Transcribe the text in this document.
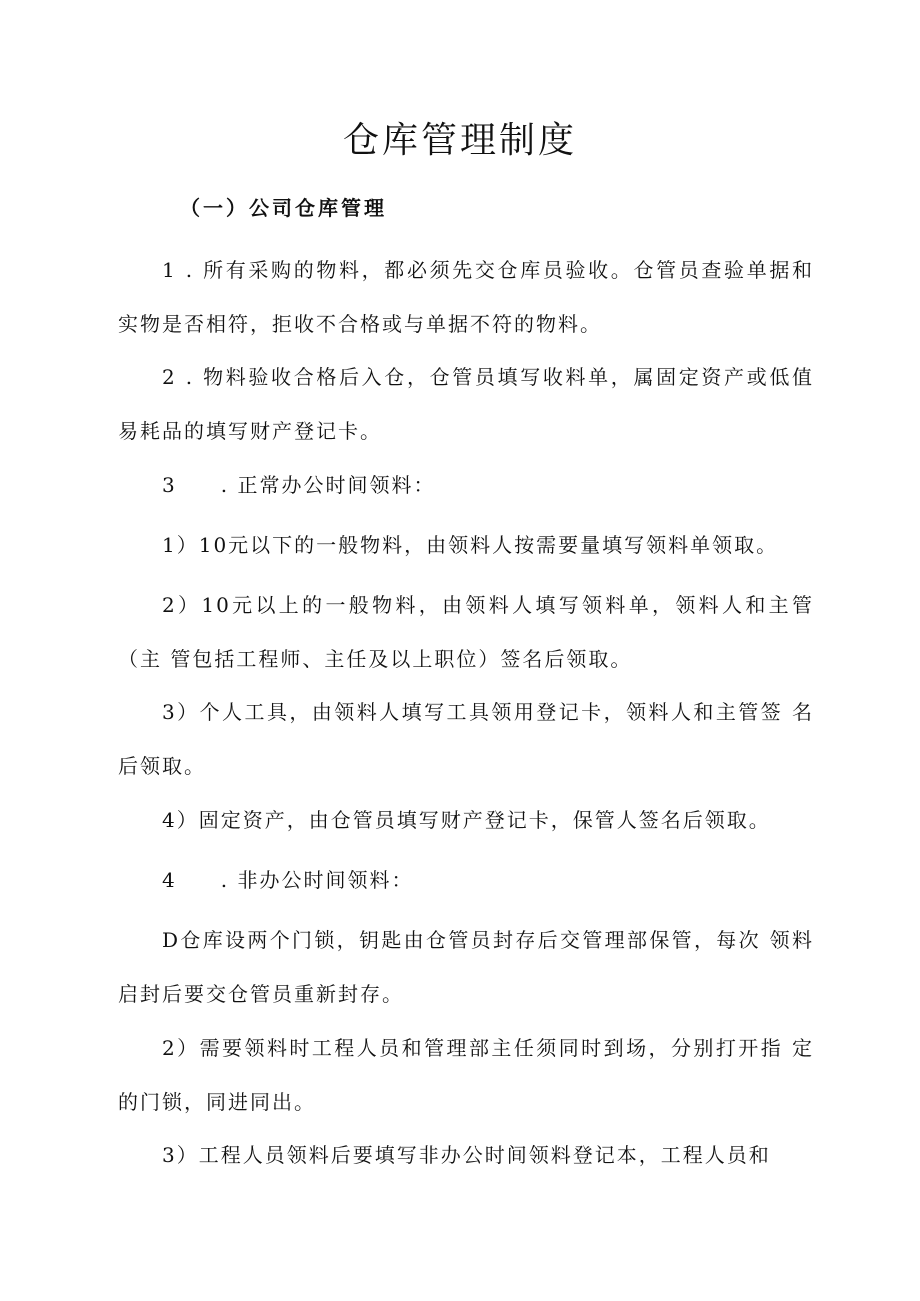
仓库管理制度
（一）公司仓库管理

1 . 所有采购的物料，都必须先交仓库员验收。仓管员查验单据和 实物是否相符，拒收不合格或与单据不符的物料。

2 . 物料验收合格后入仓，仓管员填写收料单，属固定资产或低值 易耗品的填写财产登记卡。

3　　. 正常办公时间领料：

1）10元以下的一般物料，由领料人按需要量填写领料单领取。

2）10元以上的一般物料，由领料人填写领料单，领料人和主管 （主 管包括工程师、主任及以上职位）签名后领取。

3）个人工具，由领料人填写工具领用登记卡，领料人和主管签 名后领取。

4）固定资产，由仓管员填写财产登记卡，保管人签名后领取。

4　　. 非办公时间领料：

D仓库设两个门锁，钥匙由仓管员封存后交管理部保管，每次 领料启封后要交仓管员重新封存。

2）需要领料时工程人员和管理部主任须同时到场，分别打开指 定的门锁，同进同出。

3）工程人员领料后要填写非办公时间领料登记本，工程人员和
